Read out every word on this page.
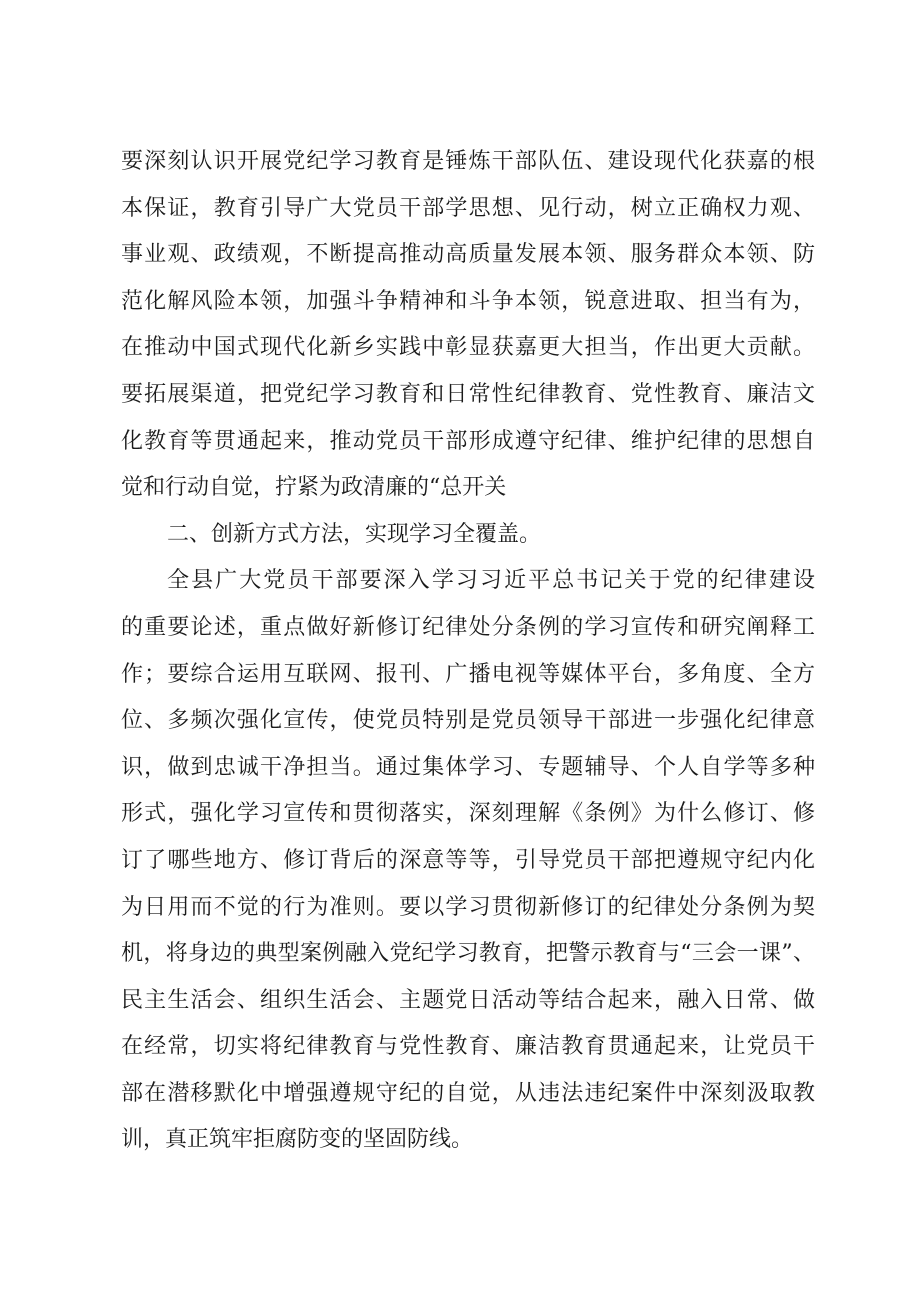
要深刻认识开展党纪学习教育是锤炼干部队伍、建设现代化获嘉的根
本保证，教育引导广大党员干部学思想、见行动，树立正确权力观、
事业观、政绩观，不断提高推动高质量发展本领、服务群众本领、防
范化解风险本领，加强斗争精神和斗争本领，锐意进取、担当有为，
在推动中国式现代化新乡实践中彰显获嘉更大担当，作出更大贡献。
要拓展渠道，把党纪学习教育和日常性纪律教育、党性教育、廉洁文
化教育等贯通起来，推动党员干部形成遵守纪律、维护纪律的思想自
觉和行动自觉，拧紧为政清廉的“总开关
二、创新方式方法，实现学习全覆盖。
全县广大党员干部要深入学习习近平总书记关于党的纪律建设
的重要论述，重点做好新修订纪律处分条例的学习宣传和研究阐释工
作；要综合运用互联网、报刊、广播电视等媒体平台，多角度、全方
位、多频次强化宣传，使党员特别是党员领导干部进一步强化纪律意
识，做到忠诚干净担当。通过集体学习、专题辅导、个人自学等多种
形式，强化学习宣传和贯彻落实，深刻理解《条例》为什么修订、修
订了哪些地方、修订背后的深意等等，引导党员干部把遵规守纪内化
为日用而不觉的行为准则。要以学习贯彻新修订的纪律处分条例为契
机，将身边的典型案例融入党纪学习教育，把警示教育与“三会一课”、
民主生活会、组织生活会、主题党日活动等结合起来，融入日常、做
在经常，切实将纪律教育与党性教育、廉洁教育贯通起来，让党员干
部在潜移默化中增强遵规守纪的自觉，从违法违纪案件中深刻汲取教
训，真正筑牢拒腐防变的坚固防线。
